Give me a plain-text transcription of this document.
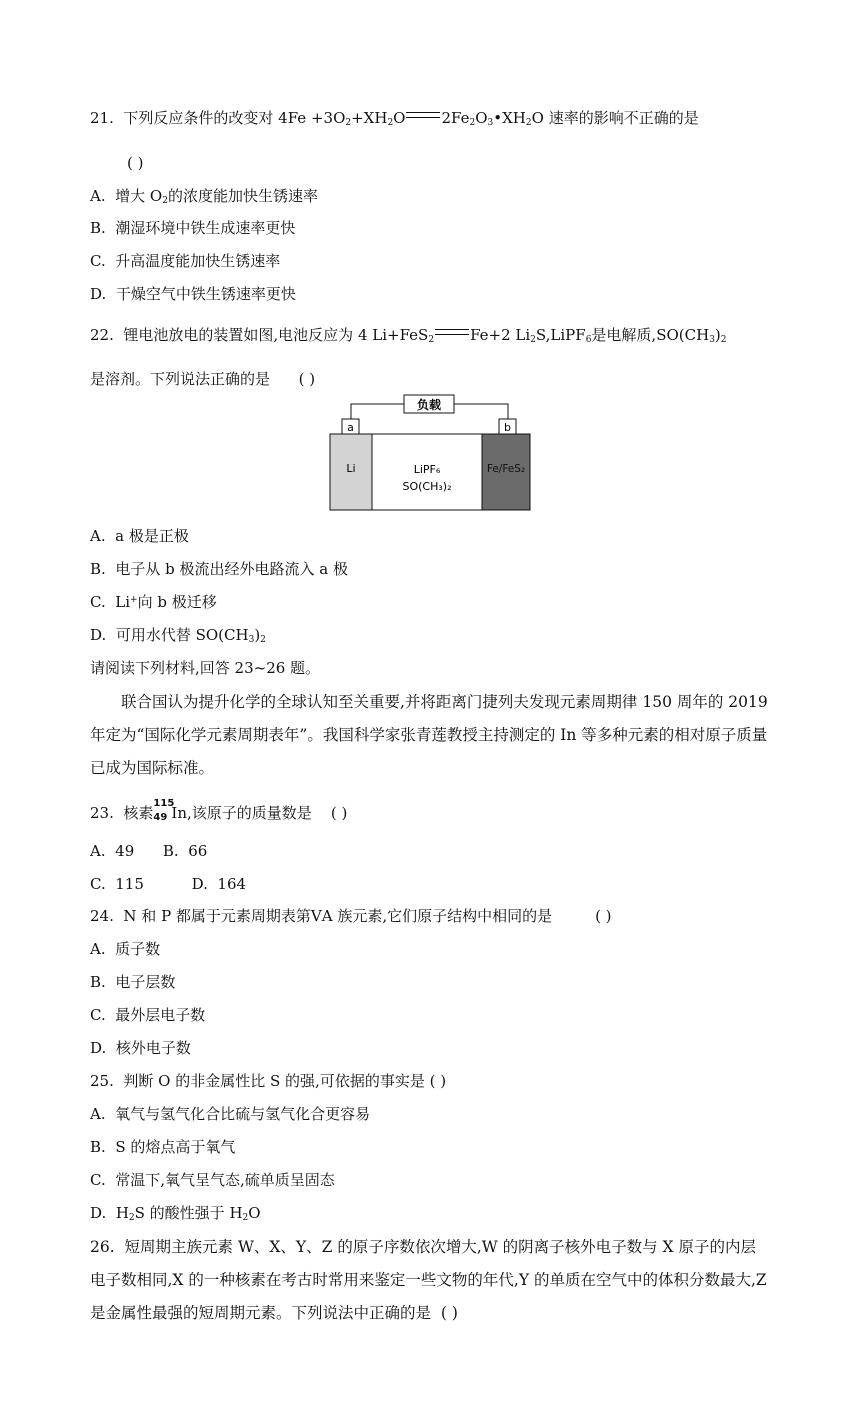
21. 下列反应条件的改变对 $4Fe +3O_2+XH_2O$ $2Fe_2O_3•XH_2O$ 速率的影响不正确的是
( )
A. 增大 $O_2$的浓度能加快生锈速率
B. 潮湿环境中铁生成速率更快
C. 升高温度能加快生锈速率
D. 干燥空气中铁生锈速率更快
22. 锂电池放电的装置如图,电池反应为 4 Li+FeS$_2$ Fe+2 $Li_2S,LiPF_6$是电解质$,SO(CH_3)_2$
是溶剂。下列说法正确的是 ( )
负载
a	b
Li	LiPF₆
SO(CH₃)₂
Fe/FeS₂
A. a 极是正极
B. 电子从 b 极流出经外电路流入 a 极
C. Li+向 b 极迁移
D. 可用水代替 $SO(CH_3)_2$
请阅读下列材料,回答 23~26 题。
联合国认为提升化学的全球认知至关重要,并将距离门捷列夫发现元素周期律 150 周年的 2019 年定为“国际化学元素周期表年”。我国科学家张青莲教授主持测定的 In 等多种元素的相对原子质量已成为国际标准。
23. 核素
115
49 In,该原子的质量数是 ( )
A. 49 B. 66
C. 115	D. 164
24. N 和 P 都属于元素周期表第ⅤA 族元素,它们原子结构中相同的是	( )
A. 质子数
B. 电子层数
C. 最外层电子数
D. 核外电子数
25. 判断 O 的非金属性比 S 的强,可依据的事实是 ( )
A. 氧气与氢气化合比硫与氢气化合更容易
B. S 的熔点高于氧气
C. 常温下,氧气呈气态,硫单质呈固态
D. $H_2S$ 的酸性强于 $H_2O$
26. 短周期主族元素 W、X、Y、Z 的原子序数依次增大,W 的阴离子核外电子数与 X 原子的内层电子数相同,X 的一种核素在考古时常用来鉴定一些文物的年代,Y 的单质在空气中的体积分数最大,Z 是金属性最强的短周期元素。下列说法中正确的是 ( )
